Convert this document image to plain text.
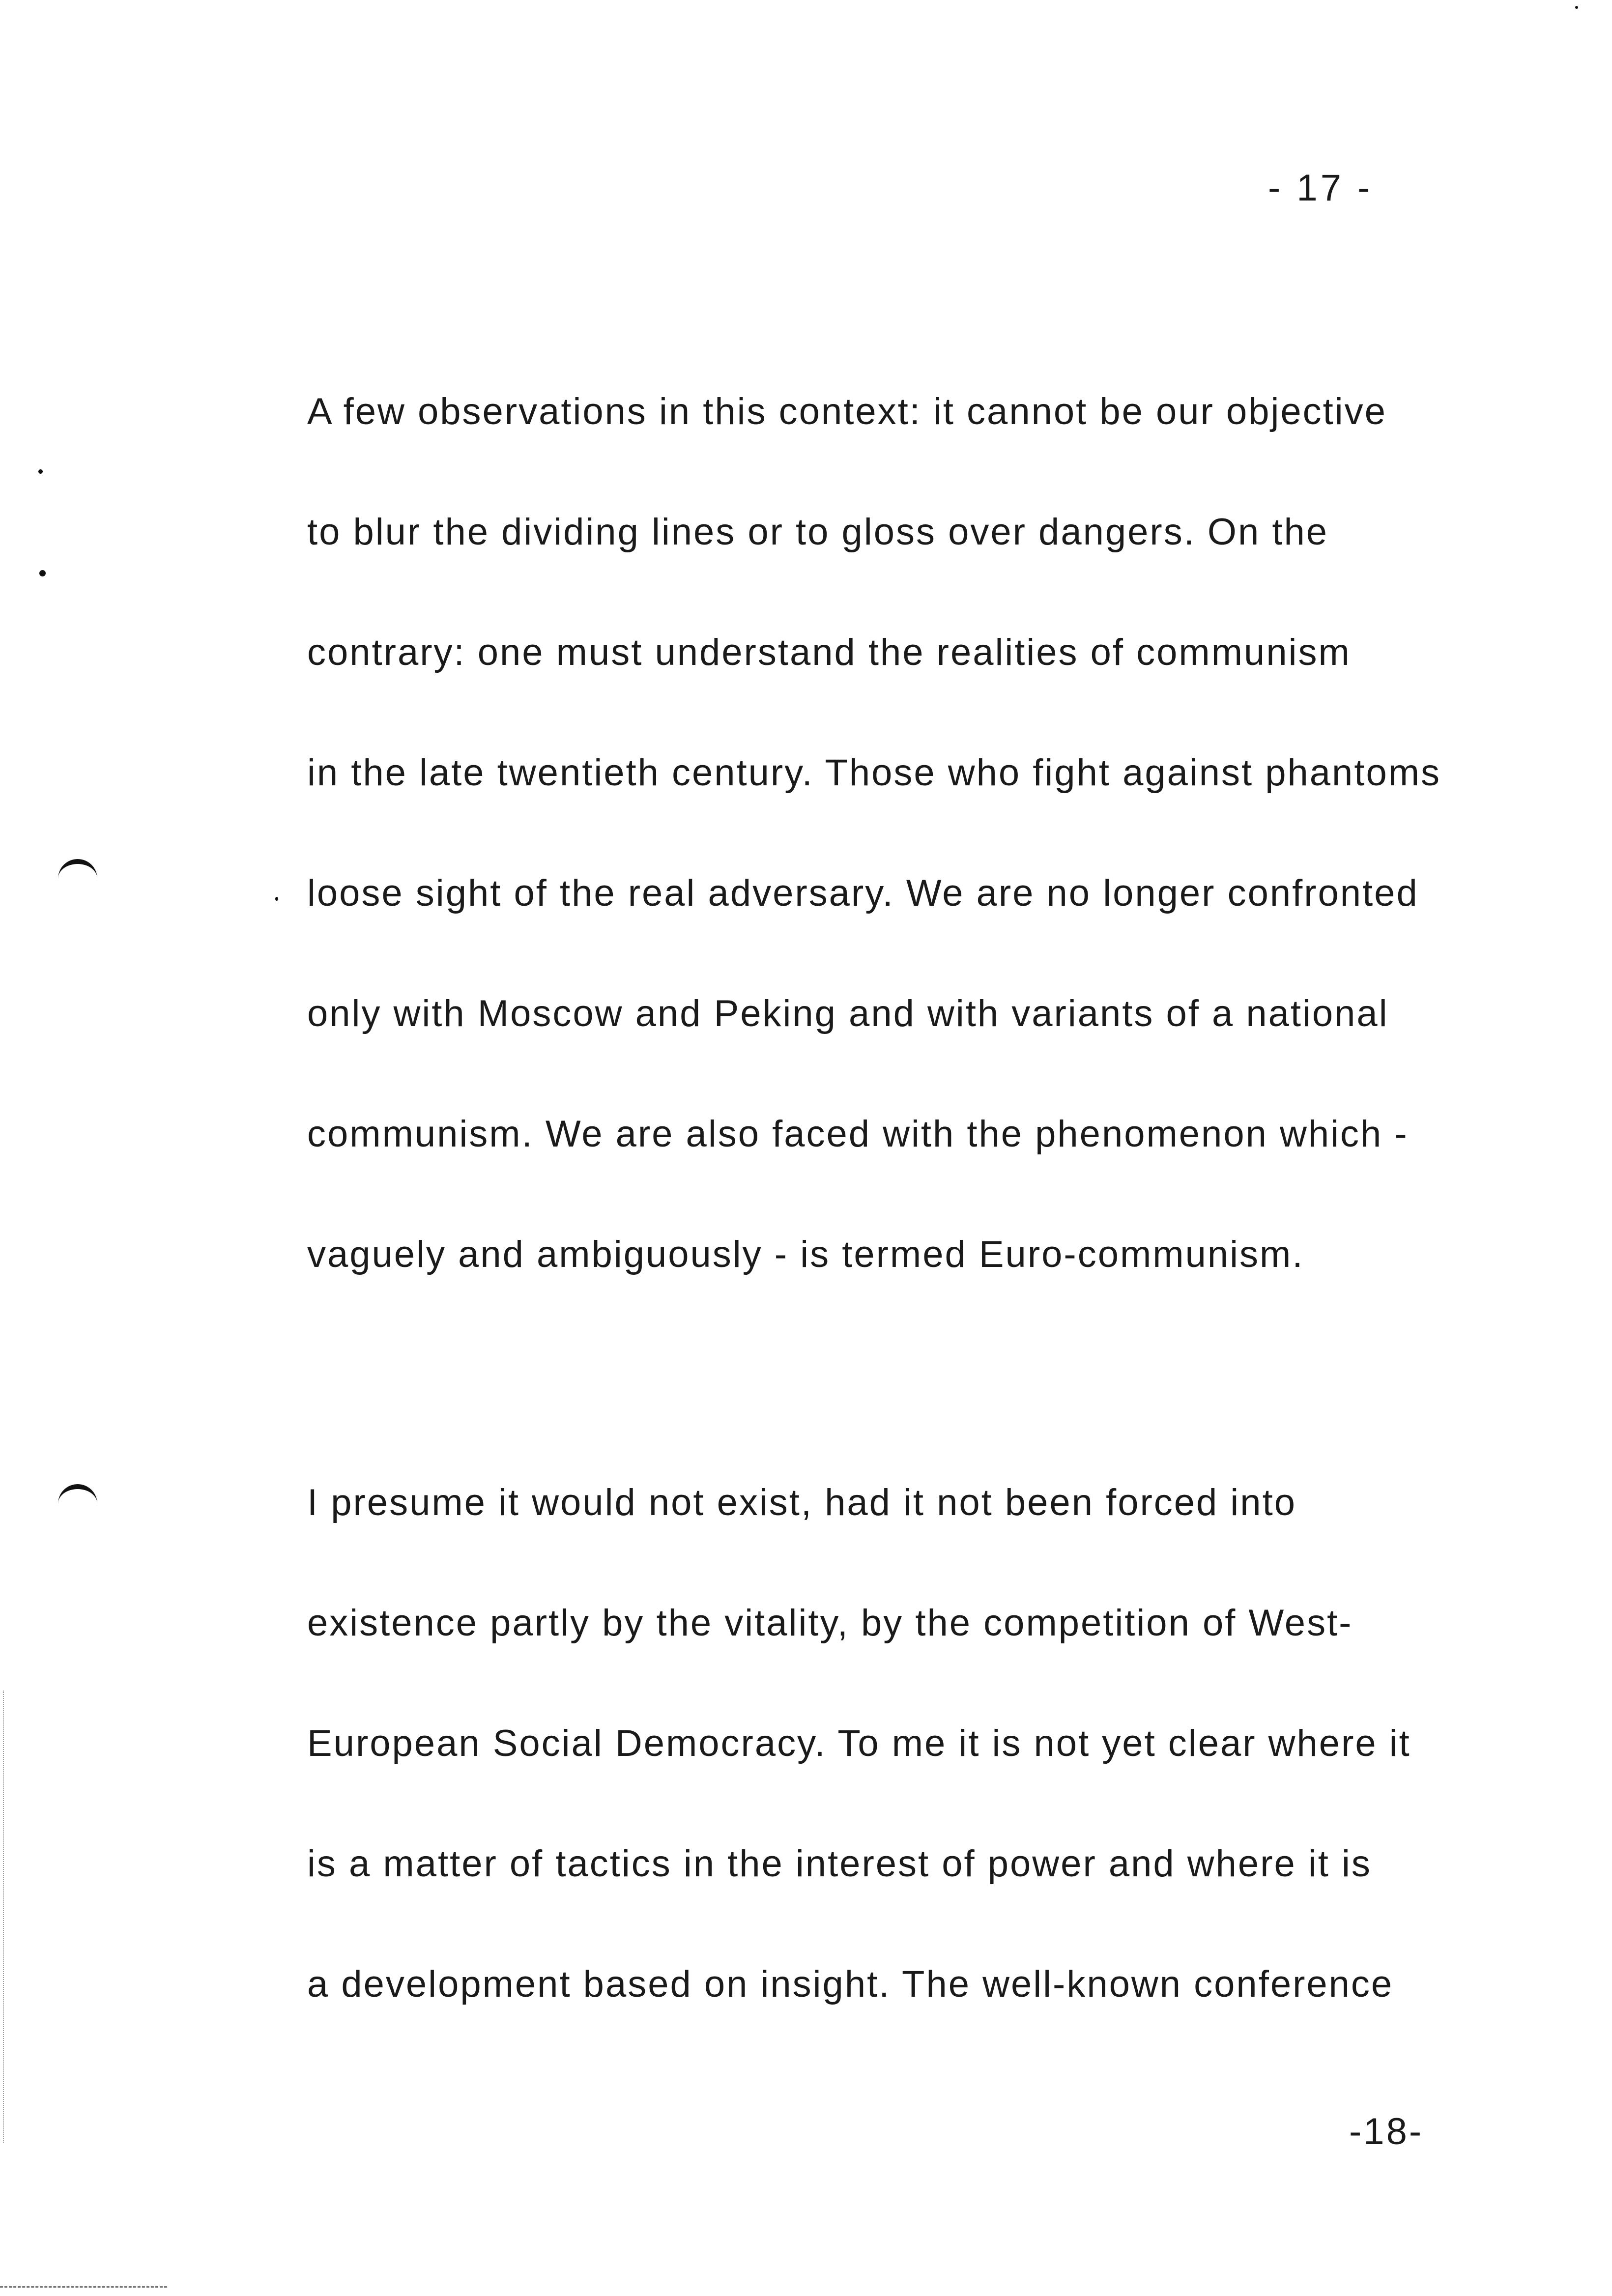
- 17 -
A few observations in this context: it cannot be our objective
to blur the dividing lines or to gloss over dangers. On the
contrary: one must understand the realities of communism
in the late twentieth century. Those who fight against phantoms
loose sight of the real adversary. We are no longer confronted
only with Moscow and Peking and with variants of a national
communism. We are also faced with the phenomenon which -
vaguely and ambiguously - is termed Euro-communism.
I presume it would not exist, had it not been forced into
existence partly by the vitality, by the competition of West-
European Social Democracy. To me it is not yet clear where it
is a matter of tactics in the interest of power and where it is
a development based on insight. The well-known conference
-18-
